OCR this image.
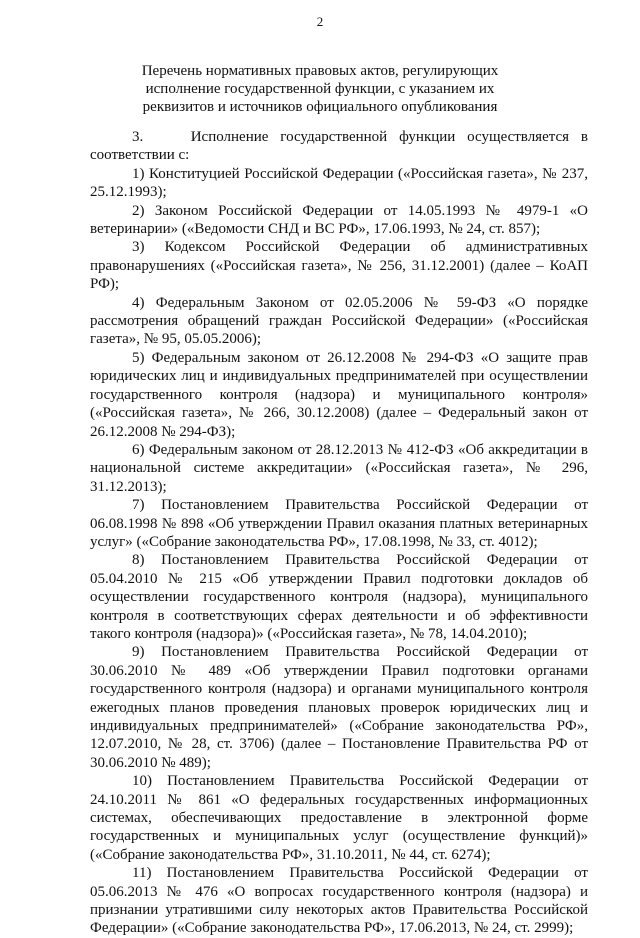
2
Перечень нормативных правовых актов, регулирующих
исполнение государственной функции, с указанием их
реквизитов и источников официального опубликования

3.    Исполнение государственной функции осуществляется в соответствии с:

1) Конституцией Российской Федерации («Российская газета», № 237, 25.12.1993);

2) Законом Российской Федерации от 14.05.1993 № 4979-1 «О ветеринарии» («Ведомости СНД и ВС РФ», 17.06.1993, № 24, ст. 857);

3) Кодексом Российской Федерации об административных правонарушениях («Российская газета», № 256, 31.12.2001) (далее – КоАП РФ);

4) Федеральным Законом от 02.05.2006 № 59-ФЗ «О порядке рассмотрения обращений граждан Российской Федерации» («Российская газета», № 95, 05.05.2006);

5) Федеральным законом от 26.12.2008 № 294-ФЗ «О защите прав юридических лиц и индивидуальных предпринимателей при осуществлении государственного контроля (надзора) и муниципального контроля» («Российская газета», № 266, 30.12.2008) (далее – Федеральный закон от 26.12.2008 № 294-ФЗ);

6) Федеральным законом от 28.12.2013 № 412-ФЗ «Об аккредитации в национальной системе аккредитации» («Российская газета», № 296, 31.12.2013);

7) Постановлением Правительства Российской Федерации от 06.08.1998 № 898 «Об утверждении Правил оказания платных ветеринарных услуг» («Собрание законодательства РФ», 17.08.1998, № 33, ст. 4012);

8) Постановлением Правительства Российской Федерации от 05.04.2010 № 215 «Об утверждении Правил подготовки докладов об осуществлении государственного контроля (надзора), муниципального контроля в соответствующих сферах деятельности и об эффективности такого контроля (надзора)» («Российская газета», № 78, 14.04.2010);

9) Постановлением Правительства Российской Федерации от 30.06.2010 № 489 «Об утверждении Правил подготовки органами государственного контроля (надзора) и органами муниципального контроля ежегодных планов проведения плановых проверок юридических лиц и индивидуальных предпринимателей» («Собрание законодательства РФ», 12.07.2010, № 28, ст. 3706) (далее – Постановление Правительства РФ от 30.06.2010 № 489);

10) Постановлением Правительства Российской Федерации от 24.10.2011 № 861 «О федеральных государственных информационных системах, обеспечивающих предоставление в электронной форме государственных и муниципальных услуг (осуществление функций)» («Собрание законодательства РФ», 31.10.2011, № 44, ст. 6274);

11) Постановлением Правительства Российской Федерации от 05.06.2013 № 476 «О вопросах государственного контроля (надзора) и признании утратившими силу некоторых актов Правительства Российской Федерации» («Собрание законодательства РФ», 17.06.2013, № 24, ст. 2999);
